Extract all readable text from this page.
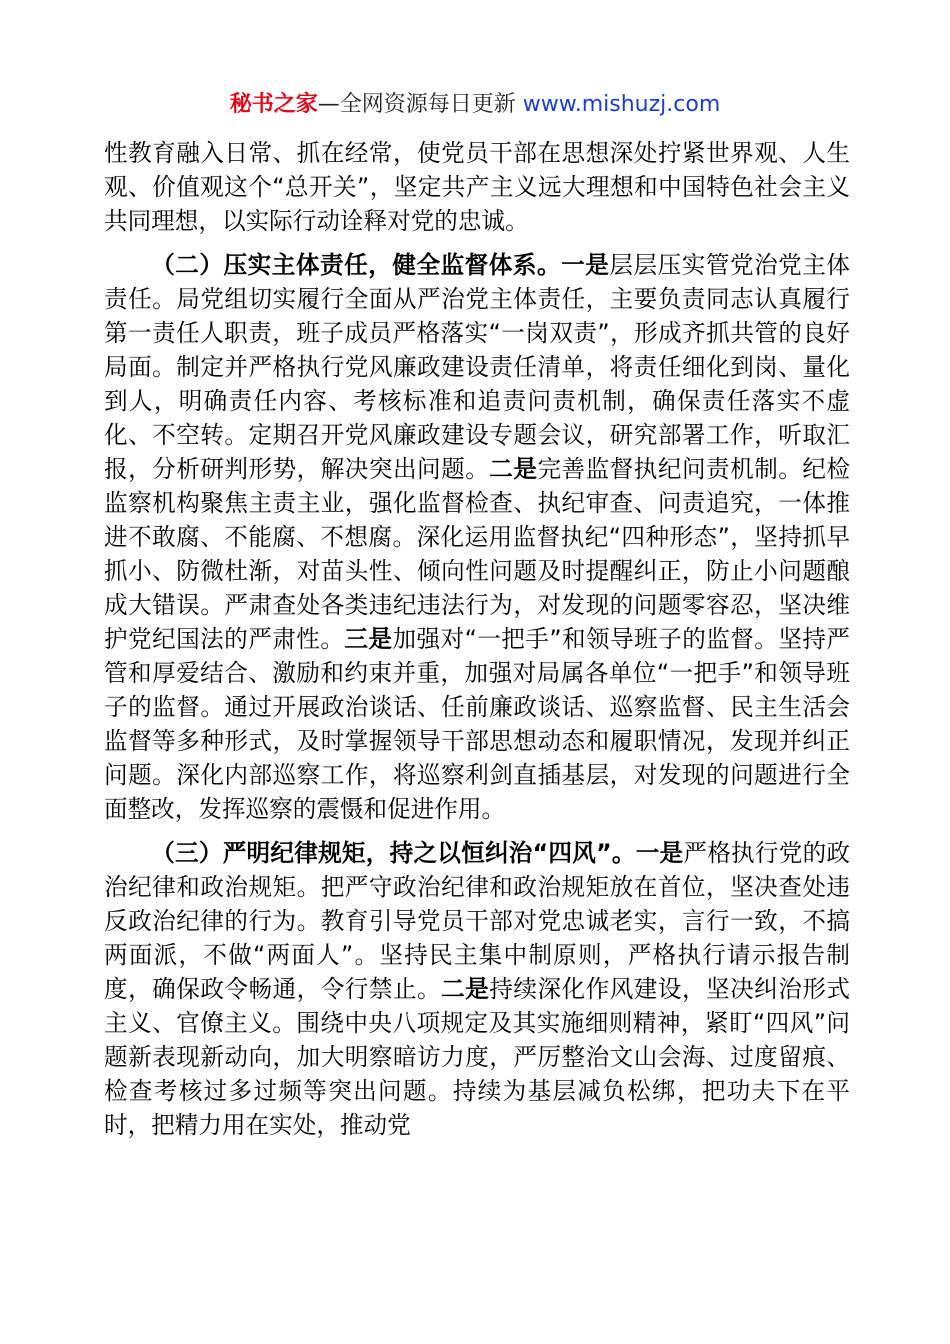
秘书之家—全网资源每日更新 www.mishuzj.com

性教育融入日常、抓在经常，使党员干部在思想深处拧紧世界观、人生观、价值观这个“总开关”，坚定共产主义远大理想和中国特色社会主义共同理想，以实际行动诠释对党的忠诚。

（二）压实主体责任，健全监督体系。一是层层压实管党治党主体责任。局党组切实履行全面从严治党主体责任，主要负责同志认真履行第一责任人职责，班子成员严格落实“一岗双责”，形成齐抓共管的良好局面。制定并严格执行党风廉政建设责任清单，将责任细化到岗、量化到人，明确责任内容、考核标准和追责问责机制，确保责任落实不虚化、不空转。定期召开党风廉政建设专题会议，研究部署工作，听取汇报，分析研判形势，解决突出问题。二是完善监督执纪问责机制。纪检监察机构聚焦主责主业，强化监督检查、执纪审查、问责追究，一体推进不敢腐、不能腐、不想腐。深化运用监督执纪“四种形态”，坚持抓早抓小、防微杜渐，对苗头性、倾向性问题及时提醒纠正，防止小问题酿成大错误。严肃查处各类违纪违法行为，对发现的问题零容忍，坚决维护党纪国法的严肃性。三是加强对“一把手”和领导班子的监督。坚持严管和厚爱结合、激励和约束并重，加强对局属各单位“一把手”和领导班子的监督。通过开展政治谈话、任前廉政谈话、巡察监督、民主生活会监督等多种形式，及时掌握领导干部思想动态和履职情况，发现并纠正问题。深化内部巡察工作，将巡察利剑直插基层，对发现的问题进行全面整改，发挥巡察的震慑和促进作用。

（三）严明纪律规矩，持之以恒纠治“四风”。一是严格执行党的政治纪律和政治规矩。把严守政治纪律和政治规矩放在首位，坚决查处违反政治纪律的行为。教育引导党员干部对党忠诚老实，言行一致，不搞两面派，不做“两面人”。坚持民主集中制原则，严格执行请示报告制度，确保政令畅通，令行禁止。二是持续深化作风建设，坚决纠治形式主义、官僚主义。围绕中央八项规定及其实施细则精神，紧盯“四风”问题新表现新动向，加大明察暗访力度，严厉整治文山会海、过度留痕、检查考核过多过频等突出问题。持续为基层减负松绑，把功夫下在平时，把精力用在实处，推动党
